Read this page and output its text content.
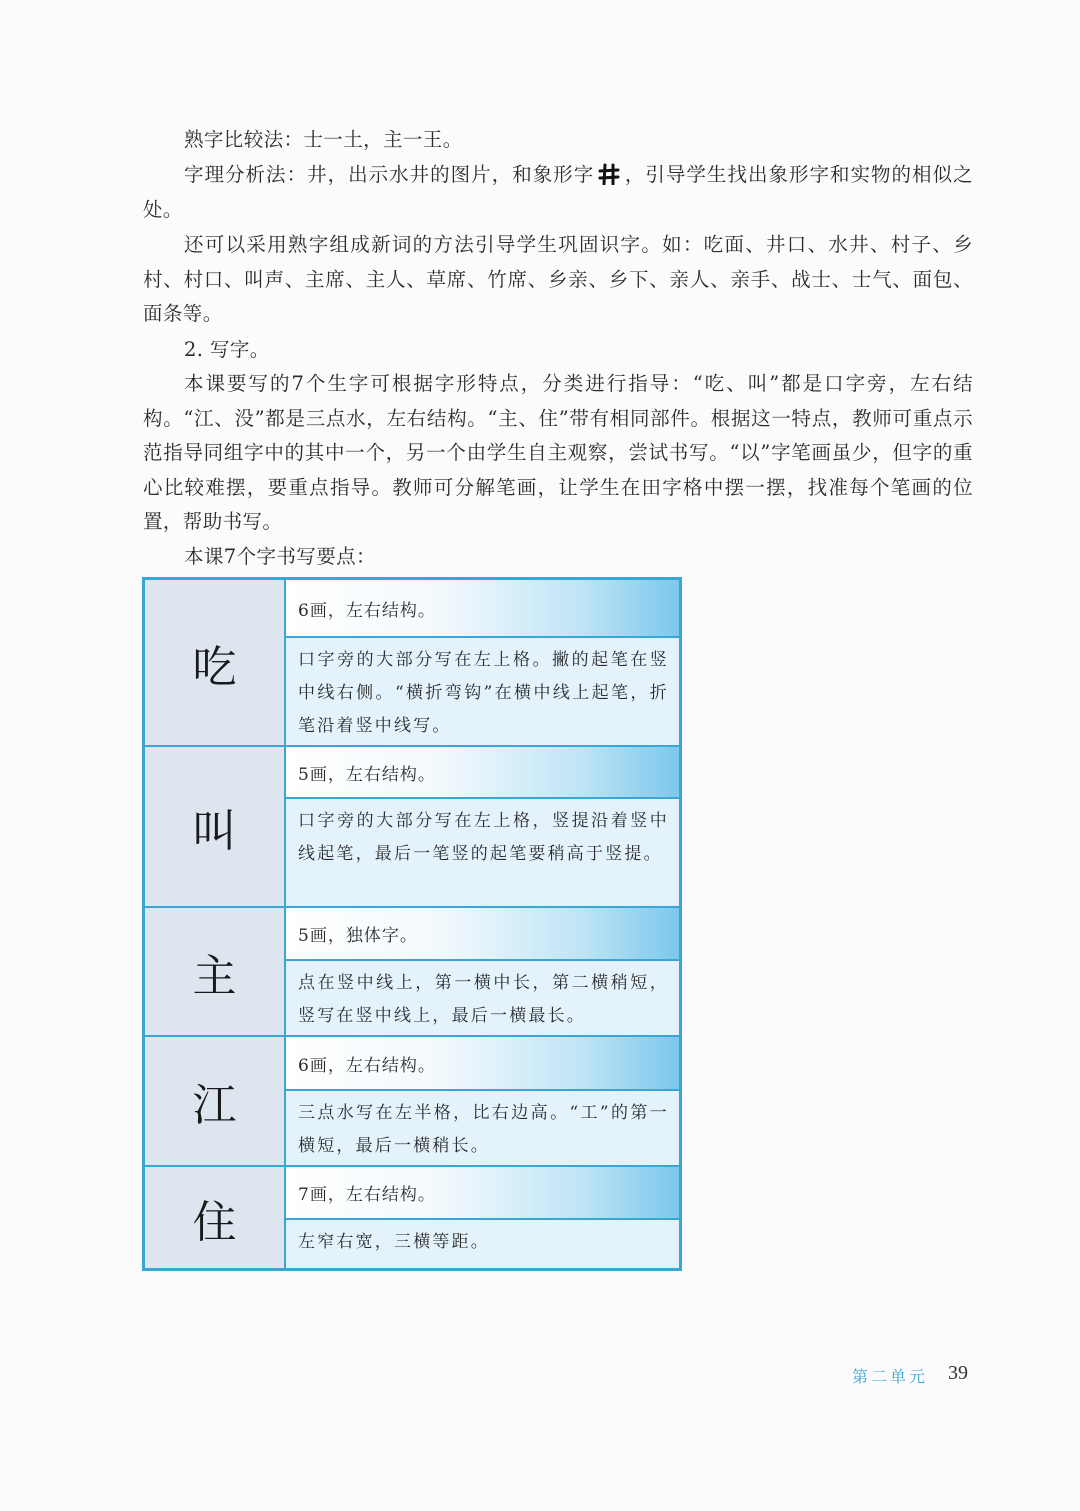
熟字比较法：士一土，主一王。

字理分析法：井，出示水井的图片，和象形字 ，引导学生找出象形字和实物的相似之处。

还可以采用熟字组成新词的方法引导学生巩固识字。如：吃面、井口、水井、村子、乡村、村口、叫声、主席、主人、草席、竹席、乡亲、乡下、亲人、亲手、战士、士气、面包、面条等。

2. 写字。

本课要写的7个生字可根据字形特点，分类进行指导：“吃、叫”都是口字旁，左右结构。“江、没”都是三点水，左右结构。“主、住”带有相同部件。根据这一特点，教师可重点示范指导同组字中的其中一个，另一个由学生自主观察，尝试书写。“以”字笔画虽少，但字的重心比较难摆，要重点指导。教师可分解笔画，让学生在田字格中摆一摆，找准每个笔画的位置，帮助书写。

本课7个字书写要点：

吃
6画，左右结构。
口字旁的大部分写在左上格。撇的起笔在竖中线右侧。“横折弯钩”在横中线上起笔，折笔沿着竖中线写。
叫
5画，左右结构。
口字旁的大部分写在左上格，竖提沿着竖中线起笔，最后一笔竖的起笔要稍高于竖提。
主
5画，独体字。
点在竖中线上，第一横中长，第二横稍短，竖写在竖中线上，最后一横最长。
江
6画，左右结构。
三点水写在左半格，比右边高。“工”的第一横短，最后一横稍长。
住
7画，左右结构。
左窄右宽，三横等距。
第二单元 39
